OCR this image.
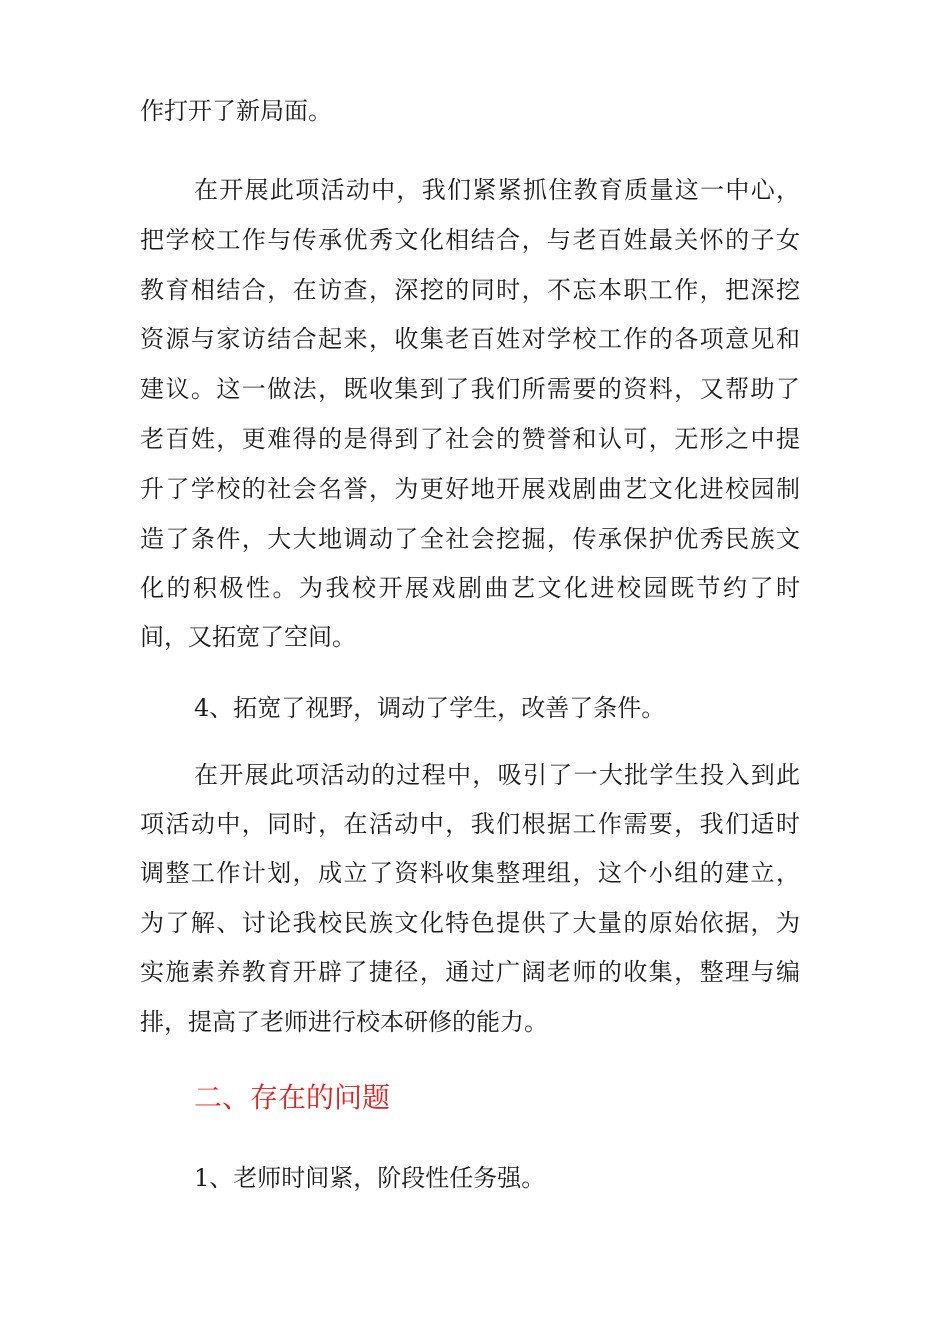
作打开了新局面。
在开展此项活动中，我们紧紧抓住教育质量这一中心，
把学校工作与传承优秀文化相结合，与老百姓最关怀的子女
教育相结合，在访查，深挖的同时，不忘本职工作，把深挖
资源与家访结合起来，收集老百姓对学校工作的各项意见和
建议。这一做法，既收集到了我们所需要的资料，又帮助了
老百姓，更难得的是得到了社会的赞誉和认可，无形之中提
升了学校的社会名誉，为更好地开展戏剧曲艺文化进校园制
造了条件，大大地调动了全社会挖掘，传承保护优秀民族文
化的积极性。为我校开展戏剧曲艺文化进校园既节约了时
间，又拓宽了空间。
4、拓宽了视野，调动了学生，改善了条件。
在开展此项活动的过程中，吸引了一大批学生投入到此
项活动中，同时，在活动中，我们根据工作需要，我们适时
调整工作计划，成立了资料收集整理组，这个小组的建立，
为了解、讨论我校民族文化特色提供了大量的原始依据，为
实施素养教育开辟了捷径，通过广阔老师的收集，整理与编
排，提高了老师进行校本研修的能力。
二、存在的问题
1、老师时间紧，阶段性任务强。
